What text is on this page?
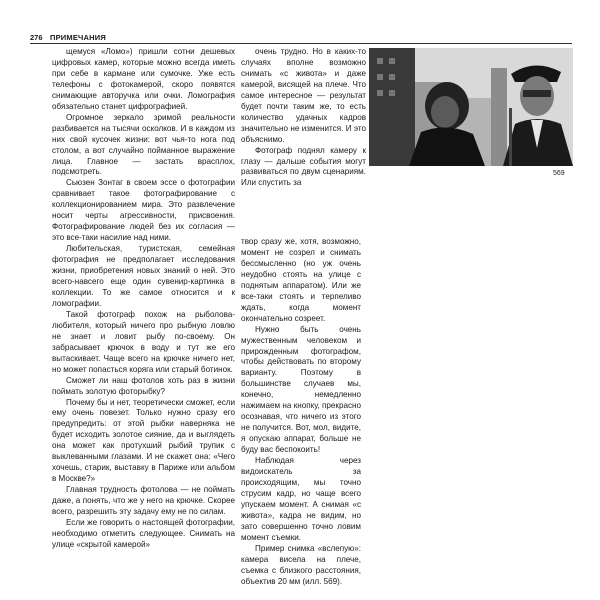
276 ПРИМЕЧАНИЯ

щемуся «Ломо») пришли сотни дешевых цифровых камер, которые можно всегда иметь при себе в кармане или сумочке. Уже есть телефоны с фотокамерой, скоро появятся снимающие авторучка или очки. Ломография обязательно станет цифрографией.

Огромное зеркало зримой реальности разбивается на тысячи осколков. И в каждом из них свой кусочек жизни: вот чья-то нога под столом, а вот случайно пойманное выражение лица. Главное — застать врасплох, подсмотреть.

Сьюзен Зонтаг в своем эссе о фотографии сравнивает такое фотографирование с коллекционированием мира. Это развлечение носит черты агрессивности, присвоения. Фотографирование людей без их согласия — это все-таки насилие над ними.

Любительская, туристская, семейная фотография не предполагает исследования жизни, приобретения новых знаний о ней. Это всего-навсего еще один сувенир-картинка в коллекции. То же самое относится и к ломографии.

Такой фотограф похож на рыболова-любителя, который ничего про рыбную ловлю не знает и ловит рыбу по-своему. Он забрасывает крючок в воду и тут же его вытаскивает. Чаще всего на крючке ничего нет, но может попасться коряга или старый ботинок.

Сможет ли наш фотолов хоть раз в жизни поймать золотую фоторыбку?

Почему бы и нет, теоретически сможет, если ему очень повезет. Только нужно сразу его предупредить: от этой рыбки наверняка не будет исходить золотое сияние, да и выглядеть она может как протухший рыбий трупик с выклеванными глазами. И не скажет она: «Чего хочешь, старик, выставку в Париже или альбом в Москве?»

Главная трудность фотолова — не поймать даже, а понять, что же у него на крючке. Скорее всего, разрешить эту задачу ему не по силам.

Если же говорить о настоящей фотографии, необходимо отметить следующее. Снимать на улице «скрытой камерой»

очень трудно. Но в каких-то случаях вполне возможно снимать «с живота» и даже камерой, висящей на плече. Что самое интересное — результат будет почти таким же, то есть количество удачных кадров значительно не изменится. И это объяснимо.

Фотограф поднял камеру к глазу — дальше события могут развиваться по двум сценариям. Или спустить за

569

твор сразу же, хотя, возможно, момент не созрел и снимать бессмысленно (но уж очень неудобно стоять на улице с поднятым аппаратом). Или же все-таки стоять и терпеливо ждать, когда момент окончательно созреет.

Нужно быть очень мужественным человеком и прирожденным фотографом, чтобы действовать по второму варианту. Поэтому в большинстве случаев мы, конечно, немедленно нажимаем на кнопку, прекрасно осознавая, что ничего из этого не получится. Вот, мол, видите, я опускаю аппарат, больше не буду вас беспокоить!

Наблюдая через видоискатель за происходящим, мы точно струсим кадр, но чаще всего упускаем момент. А снимая «с живота», кадра не видим, но зато совершенно точно ловим момент съемки.

Пример снимка «вслепую»: камера висела на плече, съемка с близкого расстояния, объектив 20 мм (илл. 569).
